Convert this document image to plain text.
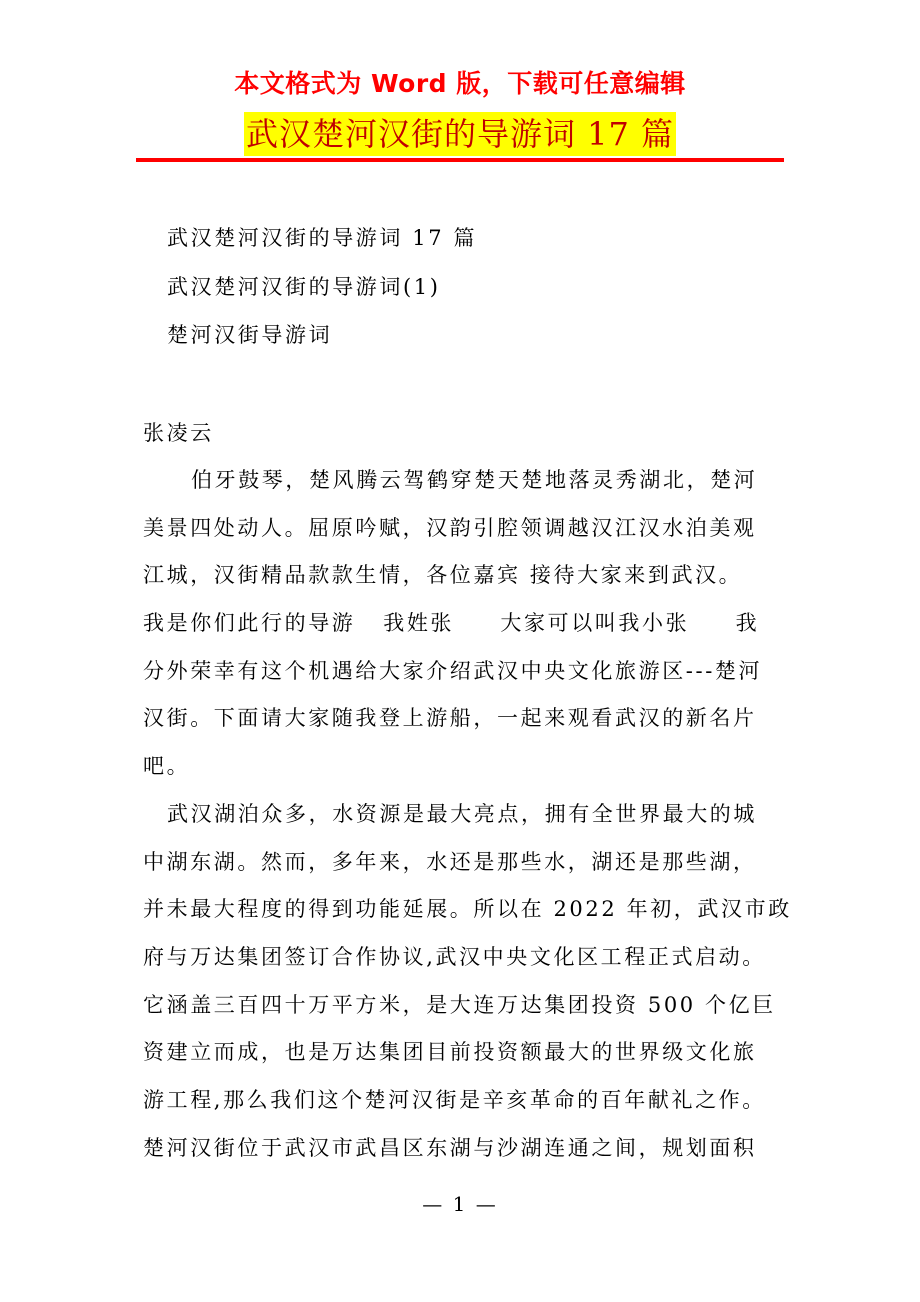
本文格式为 Word 版，下载可任意编辑
武汉楚河汉街的导游词 17 篇
武汉楚河汉街的导游词 17 篇
武汉楚河汉街的导游词(1)
楚河汉街导游词
张凌云
伯牙鼓琴，楚风腾云驾鹤穿楚天楚地落灵秀湖北，楚河
美景四处动人。屈原吟赋，汉韵引腔领调越汉江汉水泊美观
江城，汉街精品款款生情，各位嘉宾 接待大家来到武汉。
我是你们此行的导游   我姓张     大家可以叫我小张     我
分外荣幸有这个机遇给大家介绍武汉中央文化旅游区---楚河
汉街。下面请大家随我登上游船，一起来观看武汉的新名片
吧。
武汉湖泊众多，水资源是最大亮点，拥有全世界最大的城
中湖东湖。然而，多年来，水还是那些水，湖还是那些湖，
并未最大程度的得到功能延展。所以在 2022 年初，武汉市政
府与万达集团签订合作协议,武汉中央文化区工程正式启动。
它涵盖三百四十万平方米，是大连万达集团投资 500 个亿巨
资建立而成，也是万达集团目前投资额最大的世界级文化旅
游工程,那么我们这个楚河汉街是辛亥革命的百年献礼之作。
楚河汉街位于武汉市武昌区东湖与沙湖连通之间，规划面积
— 1 —
